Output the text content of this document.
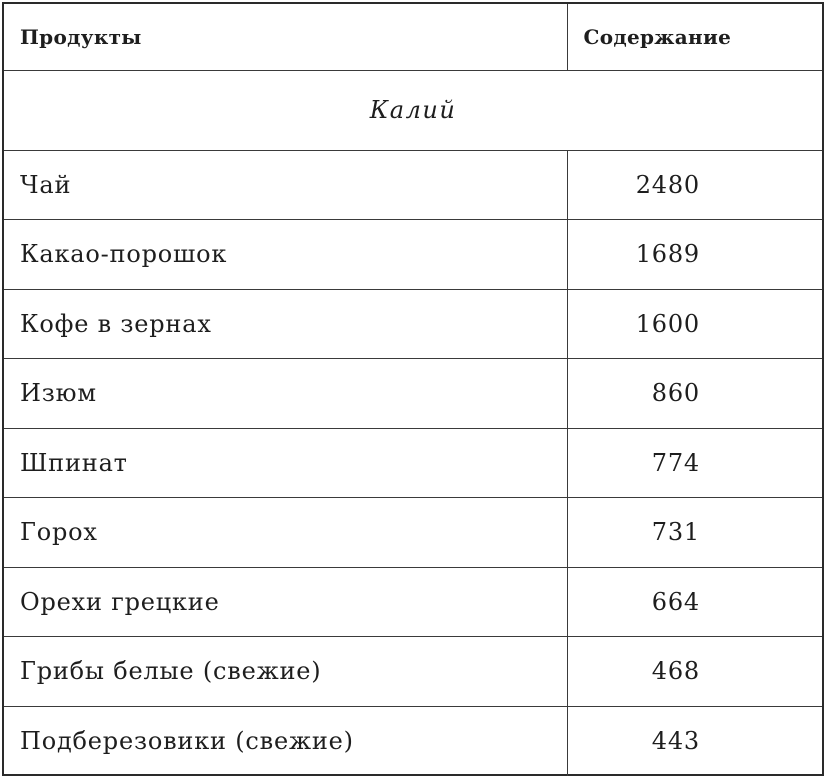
Продукты	Содержание
Калий	
Чай	2480
Какао-порошок	1689
Кофе в зернах	1600
Изюм	860
Шпинат	774
Горох	731
Орехи грецкие	664
Грибы белые (свежие)	468
Подберезовики (свежие)	443
